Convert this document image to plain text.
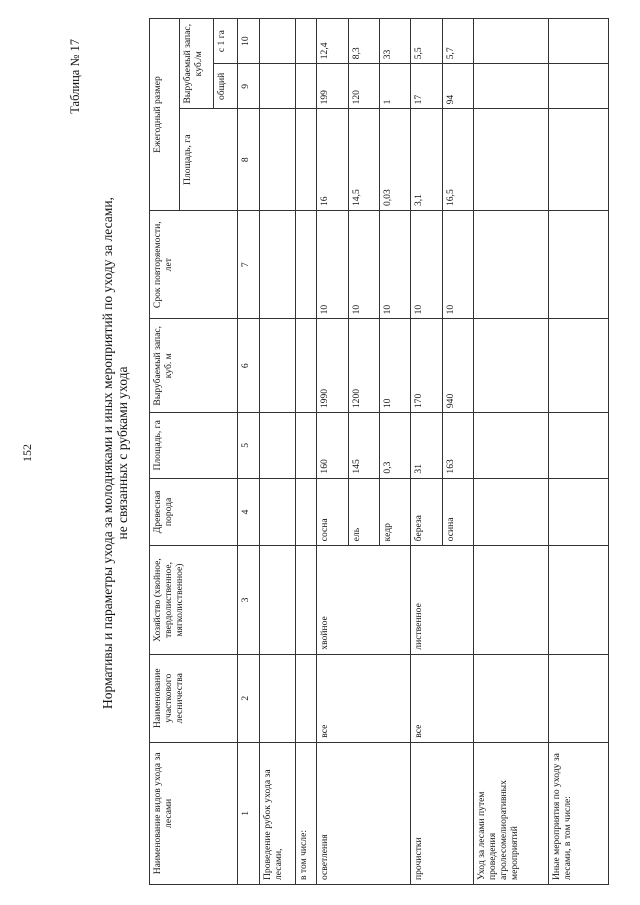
152
Таблица № 17
Нормативы и параметры ухода за молодняками и иных мероприятий по уходу за лесами, не связанных с рубками ухода
Наименование видов ухода за лесами	Наименование участкового лесничества	Хозяйство (хвойное, твердолиственное, мягколиственное)	Древесная порода	Площадь, га	Вырубаемый запас, куб. м	Срок повторяемости, лет	Ежегодный размер		
							Площадь, га	Вырубаемый запас, куб./м	
								общий	с 1 га
1	2	3	4	5	6	7	8	9	10
Проведение рубок ухода за лесами,									
в том числе:									
осветления	все	хвойное	сосна	160	1990	10	16	199	12,4
			ель	145	1200	10	14,5	120	8,3
			кедр	0,3	10	10	0,03	1	33
прочистки	все	лиственное	береза	31	170	10	3,1	17	5,5
			осина	163	940	10	16,5	94	5,7
Уход за лесами путем проведения агролесомелиоративных мероприятий									
Иные мероприятия по уходу за лесами, в том числе:									
